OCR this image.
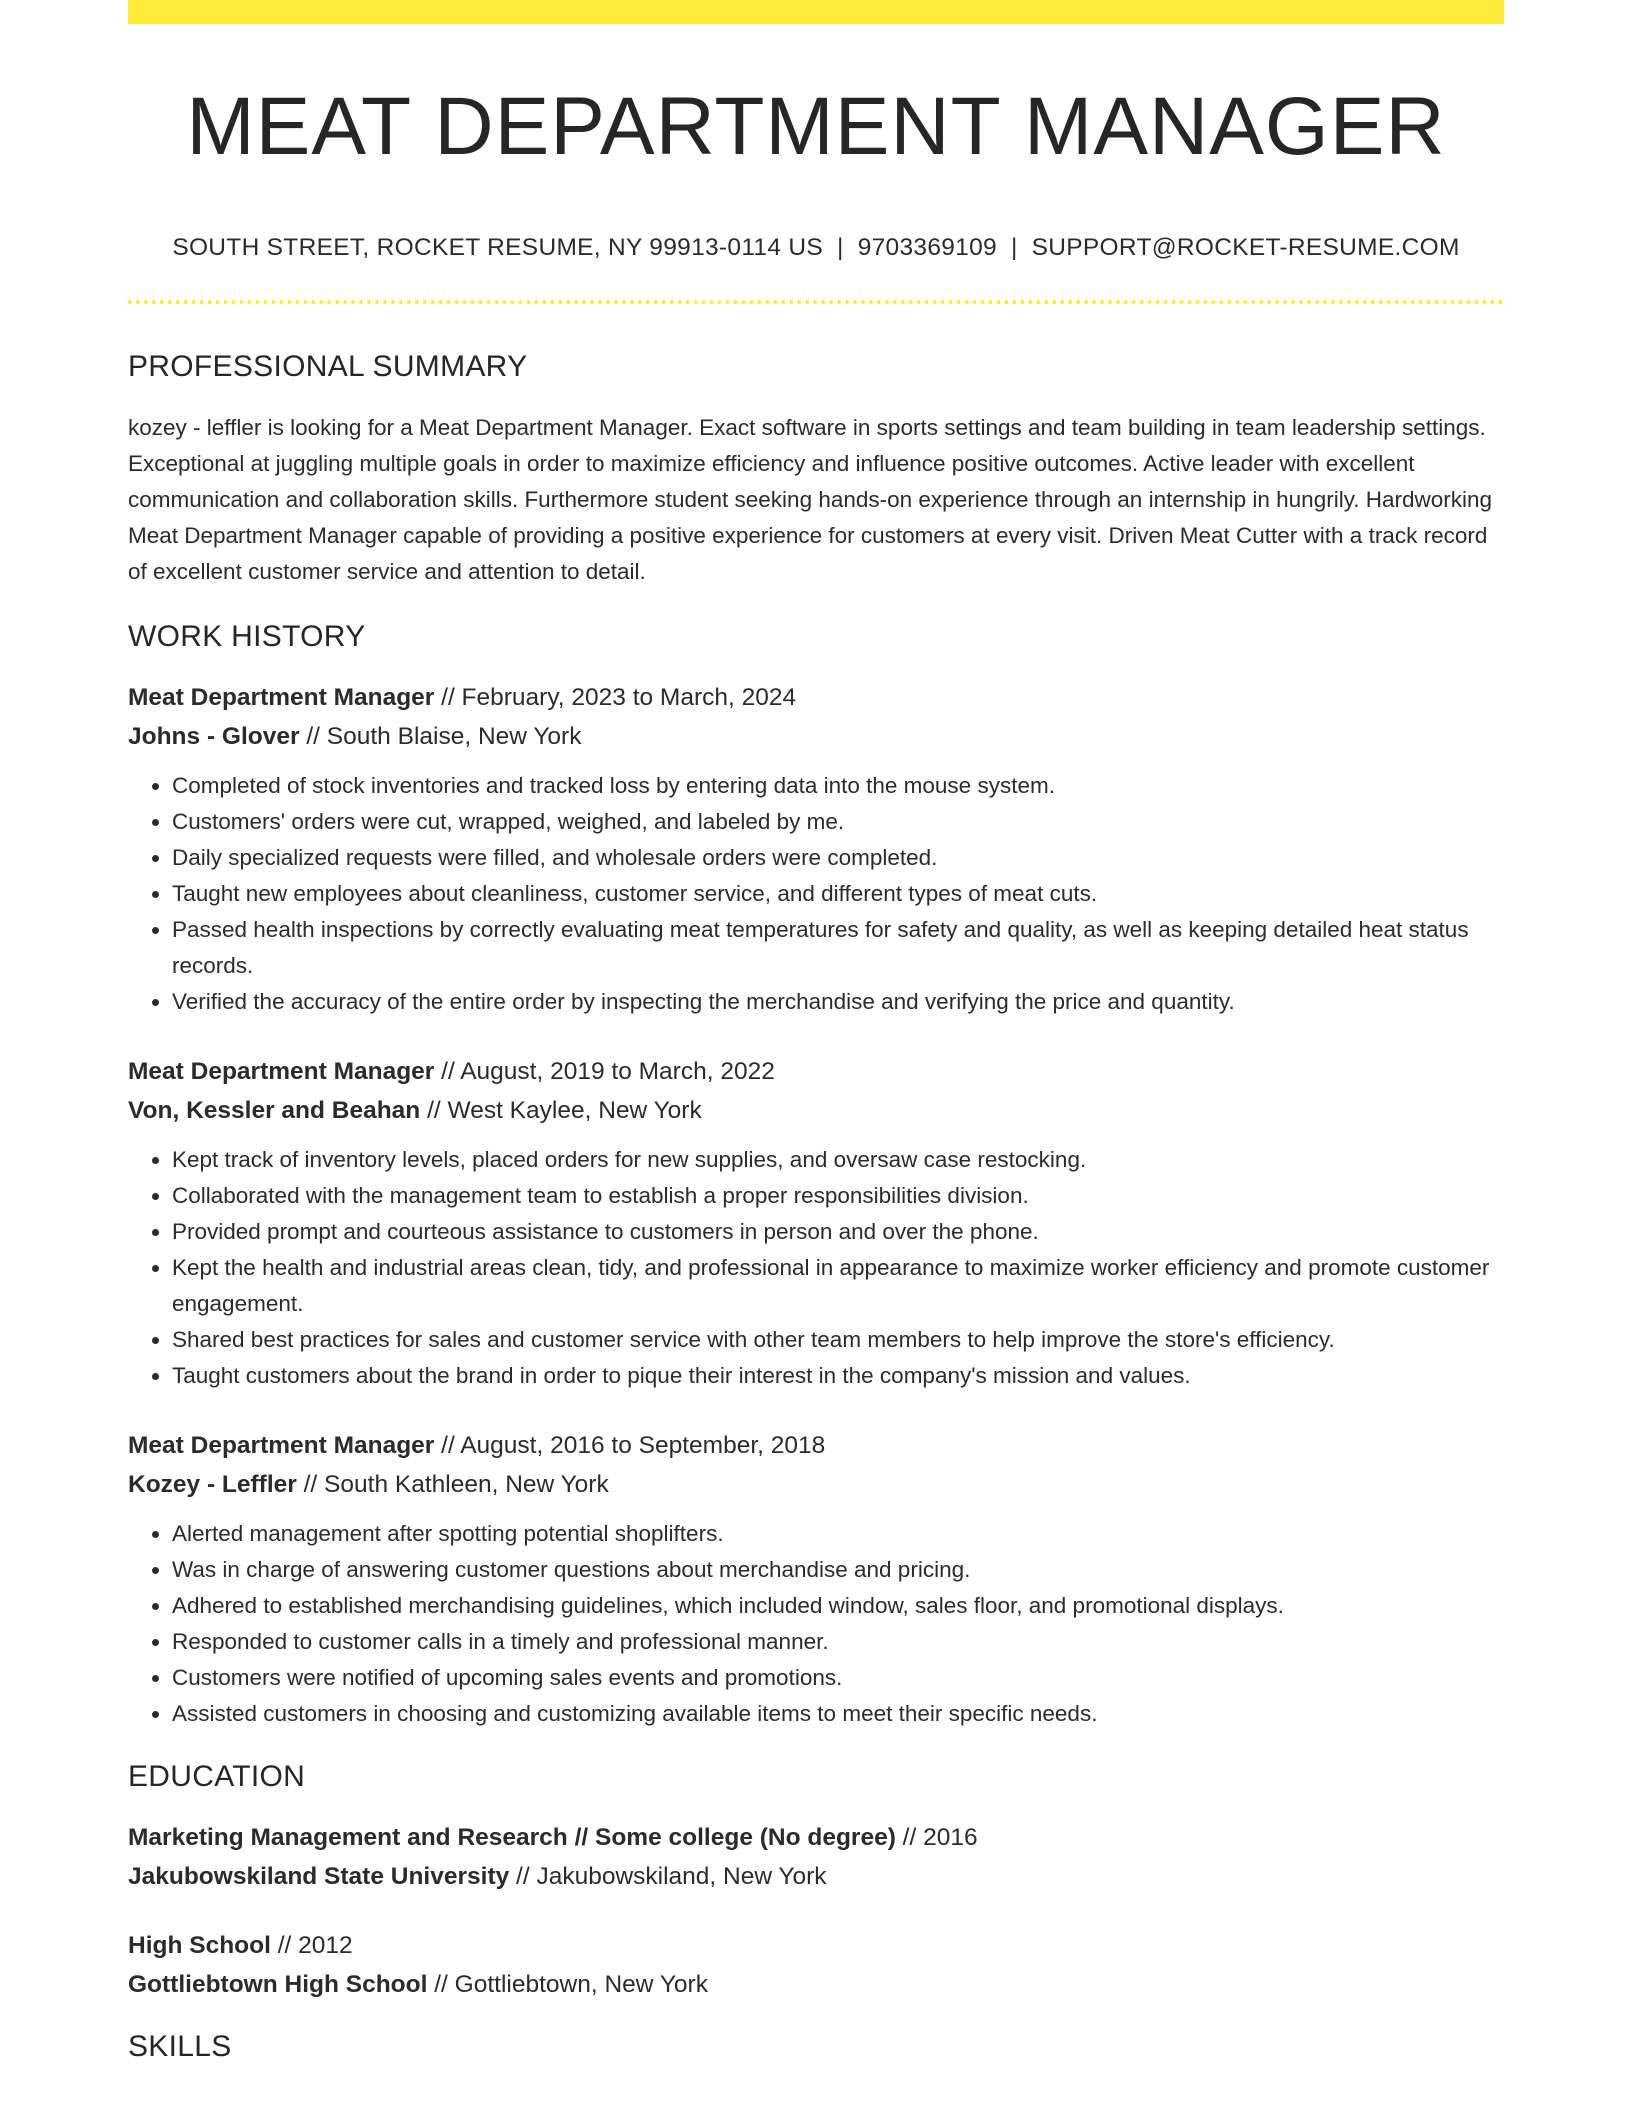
MEAT DEPARTMENT MANAGER
SOUTH STREET, ROCKET RESUME, NY 99913-0114 US | 9703369109 | SUPPORT@ROCKET-RESUME.COM
PROFESSIONAL SUMMARY

kozey - leffler is looking for a Meat Department Manager. Exact software in sports settings and team building in team leadership settings. Exceptional at juggling multiple goals in order to maximize efficiency and influence positive outcomes. Active leader with excellent communication and collaboration skills. Furthermore student seeking hands-on experience through an internship in hungrily. Hardworking Meat Department Manager capable of providing a positive experience for customers at every visit. Driven Meat Cutter with a track record of excellent customer service and attention to detail.

WORK HISTORY
Meat Department Manager // February, 2023 to March, 2024
Johns - Glover // South Blaise, New York
• Completed of stock inventories and tracked loss by entering data into the mouse system.
• Customers' orders were cut, wrapped, weighed, and labeled by me.
• Daily specialized requests were filled, and wholesale orders were completed.
• Taught new employees about cleanliness, customer service, and different types of meat cuts.
• Passed health inspections by correctly evaluating meat temperatures for safety and quality, as well as keeping detailed heat status records.
• Verified the accuracy of the entire order by inspecting the merchandise and verifying the price and quantity.
Meat Department Manager // August, 2019 to March, 2022
Von, Kessler and Beahan // West Kaylee, New York
• Kept track of inventory levels, placed orders for new supplies, and oversaw case restocking.
• Collaborated with the management team to establish a proper responsibilities division.
• Provided prompt and courteous assistance to customers in person and over the phone.
• Kept the health and industrial areas clean, tidy, and professional in appearance to maximize worker efficiency and promote customer engagement.
• Shared best practices for sales and customer service with other team members to help improve the store's efficiency.
• Taught customers about the brand in order to pique their interest in the company's mission and values.
Meat Department Manager // August, 2016 to September, 2018
Kozey - Leffler // South Kathleen, New York
• Alerted management after spotting potential shoplifters.
• Was in charge of answering customer questions about merchandise and pricing.
• Adhered to established merchandising guidelines, which included window, sales floor, and promotional displays.
• Responded to customer calls in a timely and professional manner.
• Customers were notified of upcoming sales events and promotions.
• Assisted customers in choosing and customizing available items to meet their specific needs.
EDUCATION
Marketing Management and Research // Some college (No degree) // 2016
Jakubowskiland State University // Jakubowskiland, New York
High School // 2012
Gottliebtown High School // Gottliebtown, New York
SKILLS
